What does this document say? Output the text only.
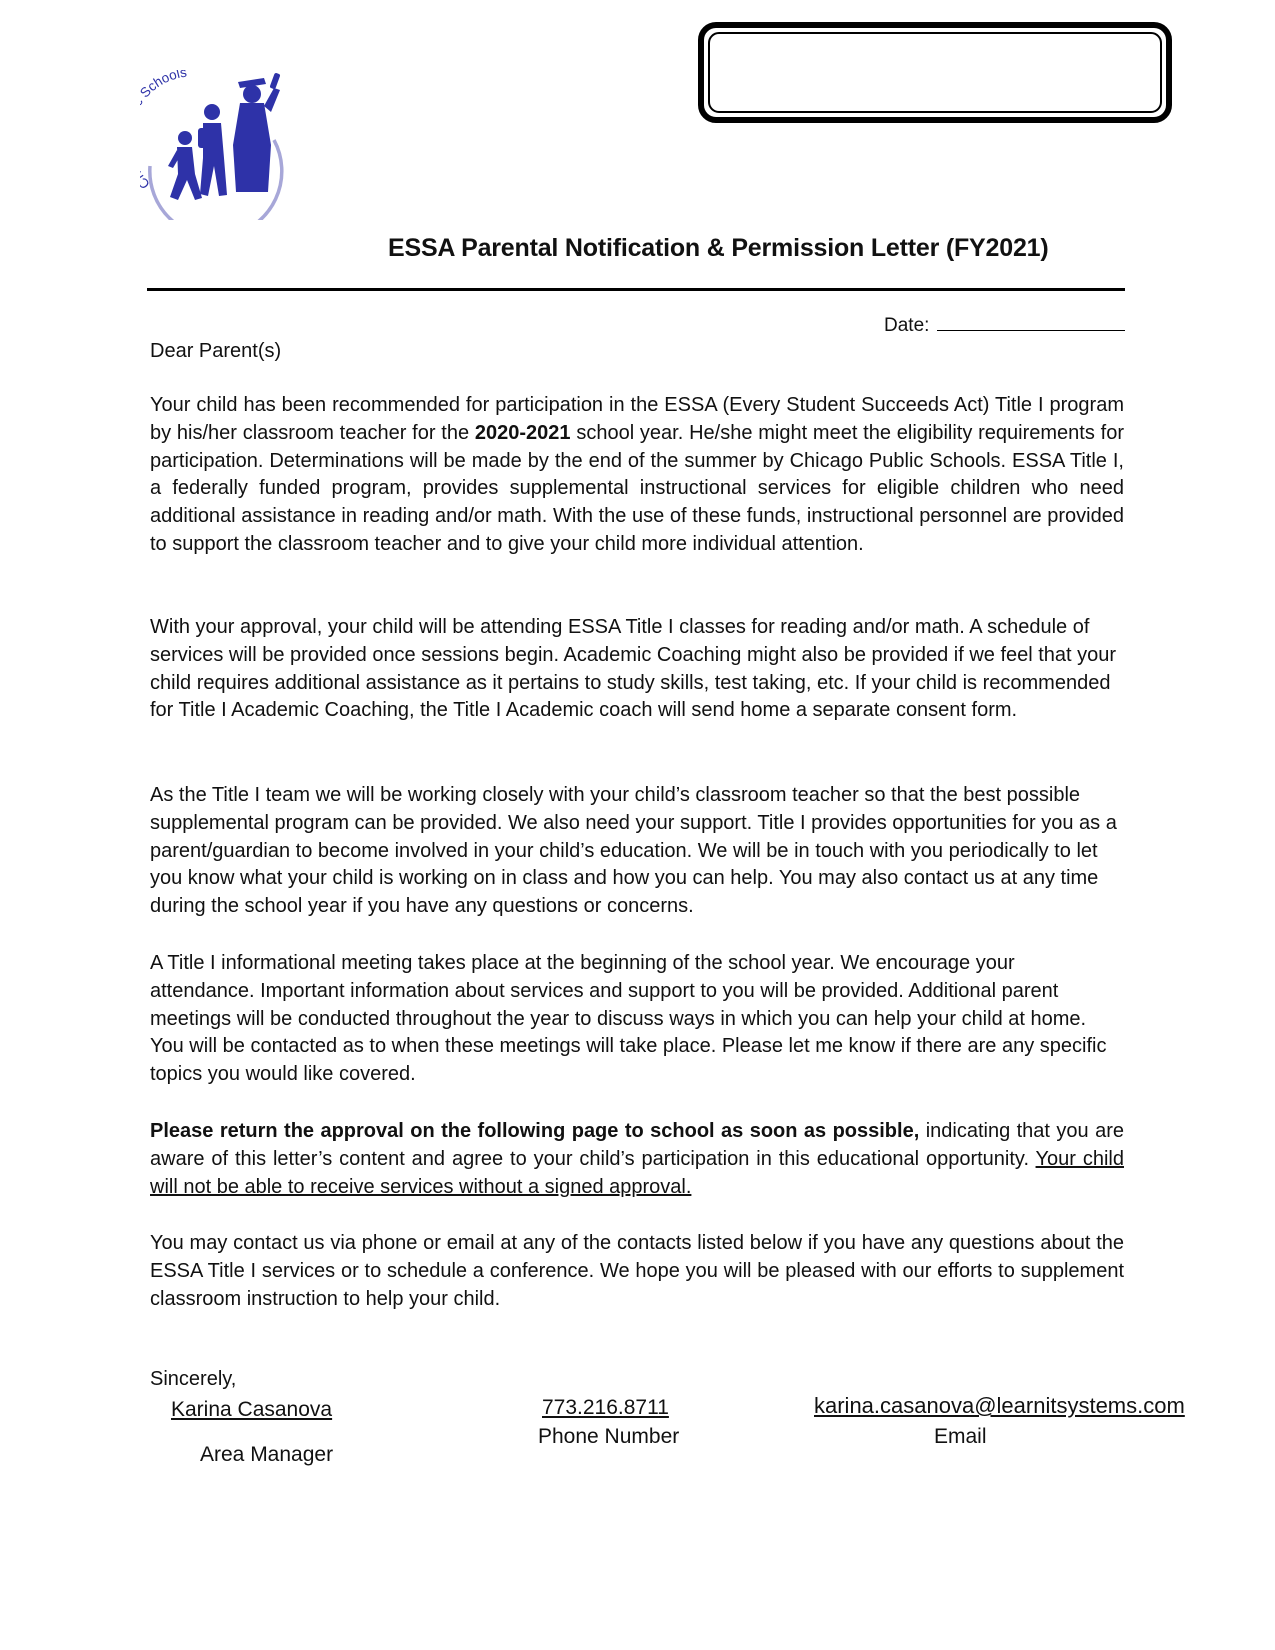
chools
ESSA Parental Notification & Permission Letter (FY2021)
Date:
Dear Parent(s)
Your child has been recommended for participation in the ESSA (Every Student Succeeds Act) Title I program by his/her classroom teacher for the 2020-2021 school year. He/she might meet the eligibility requirements for participation. Determinations will be made by the end of the summer by Chicago Public Schools. ESSA Title I, a federally funded program, provides supplemental instructional services for eligible children who need additional assistance in reading and/or math. With the use of these funds, instructional personnel are provided to support the classroom teacher and to give your child more individual attention.
With your approval, your child will be attending ESSA Title I classes for reading and/or math. A schedule of services will be provided once sessions begin. Academic Coaching might also be provided if we feel that your child requires additional assistance as it pertains to study skills, test taking, etc. If your child is recommended for Title I Academic Coaching, the Title I Academic coach will send home a separate consent form.
As the Title I team we will be working closely with your child’s classroom teacher so that the best possible supplemental program can be provided. We also need your support. Title I provides opportunities for you as a parent/guardian to become involved in your child’s education. We will be in touch with you periodically to let you know what your child is working on in class and how you can help. You may also contact us at any time during the school year if you have any questions or concerns.
A Title I informational meeting takes place at the beginning of the school year. We encourage your attendance. Important information about services and support to you will be provided. Additional parent meetings will be conducted throughout the year to discuss ways in which you can help your child at home. You will be contacted as to when these meetings will take place. Please let me know if there are any specific topics you would like covered.
Please return the approval on the following page to school as soon as possible, indicating that you are aware of this letter’s content and agree to your child’s participation in this educational opportunity. Your child will not be able to receive services without a signed approval.
You may contact us via phone or email at any of the contacts listed below if you have any questions about the ESSA Title I services or to schedule a conference. We hope you will be pleased with our efforts to supplement classroom instruction to help your child.
Sincerely,
Karina Casanova
Area Manager
773.216.8711
Phone Number
karina.casanova@learnitsystems.com
Email
